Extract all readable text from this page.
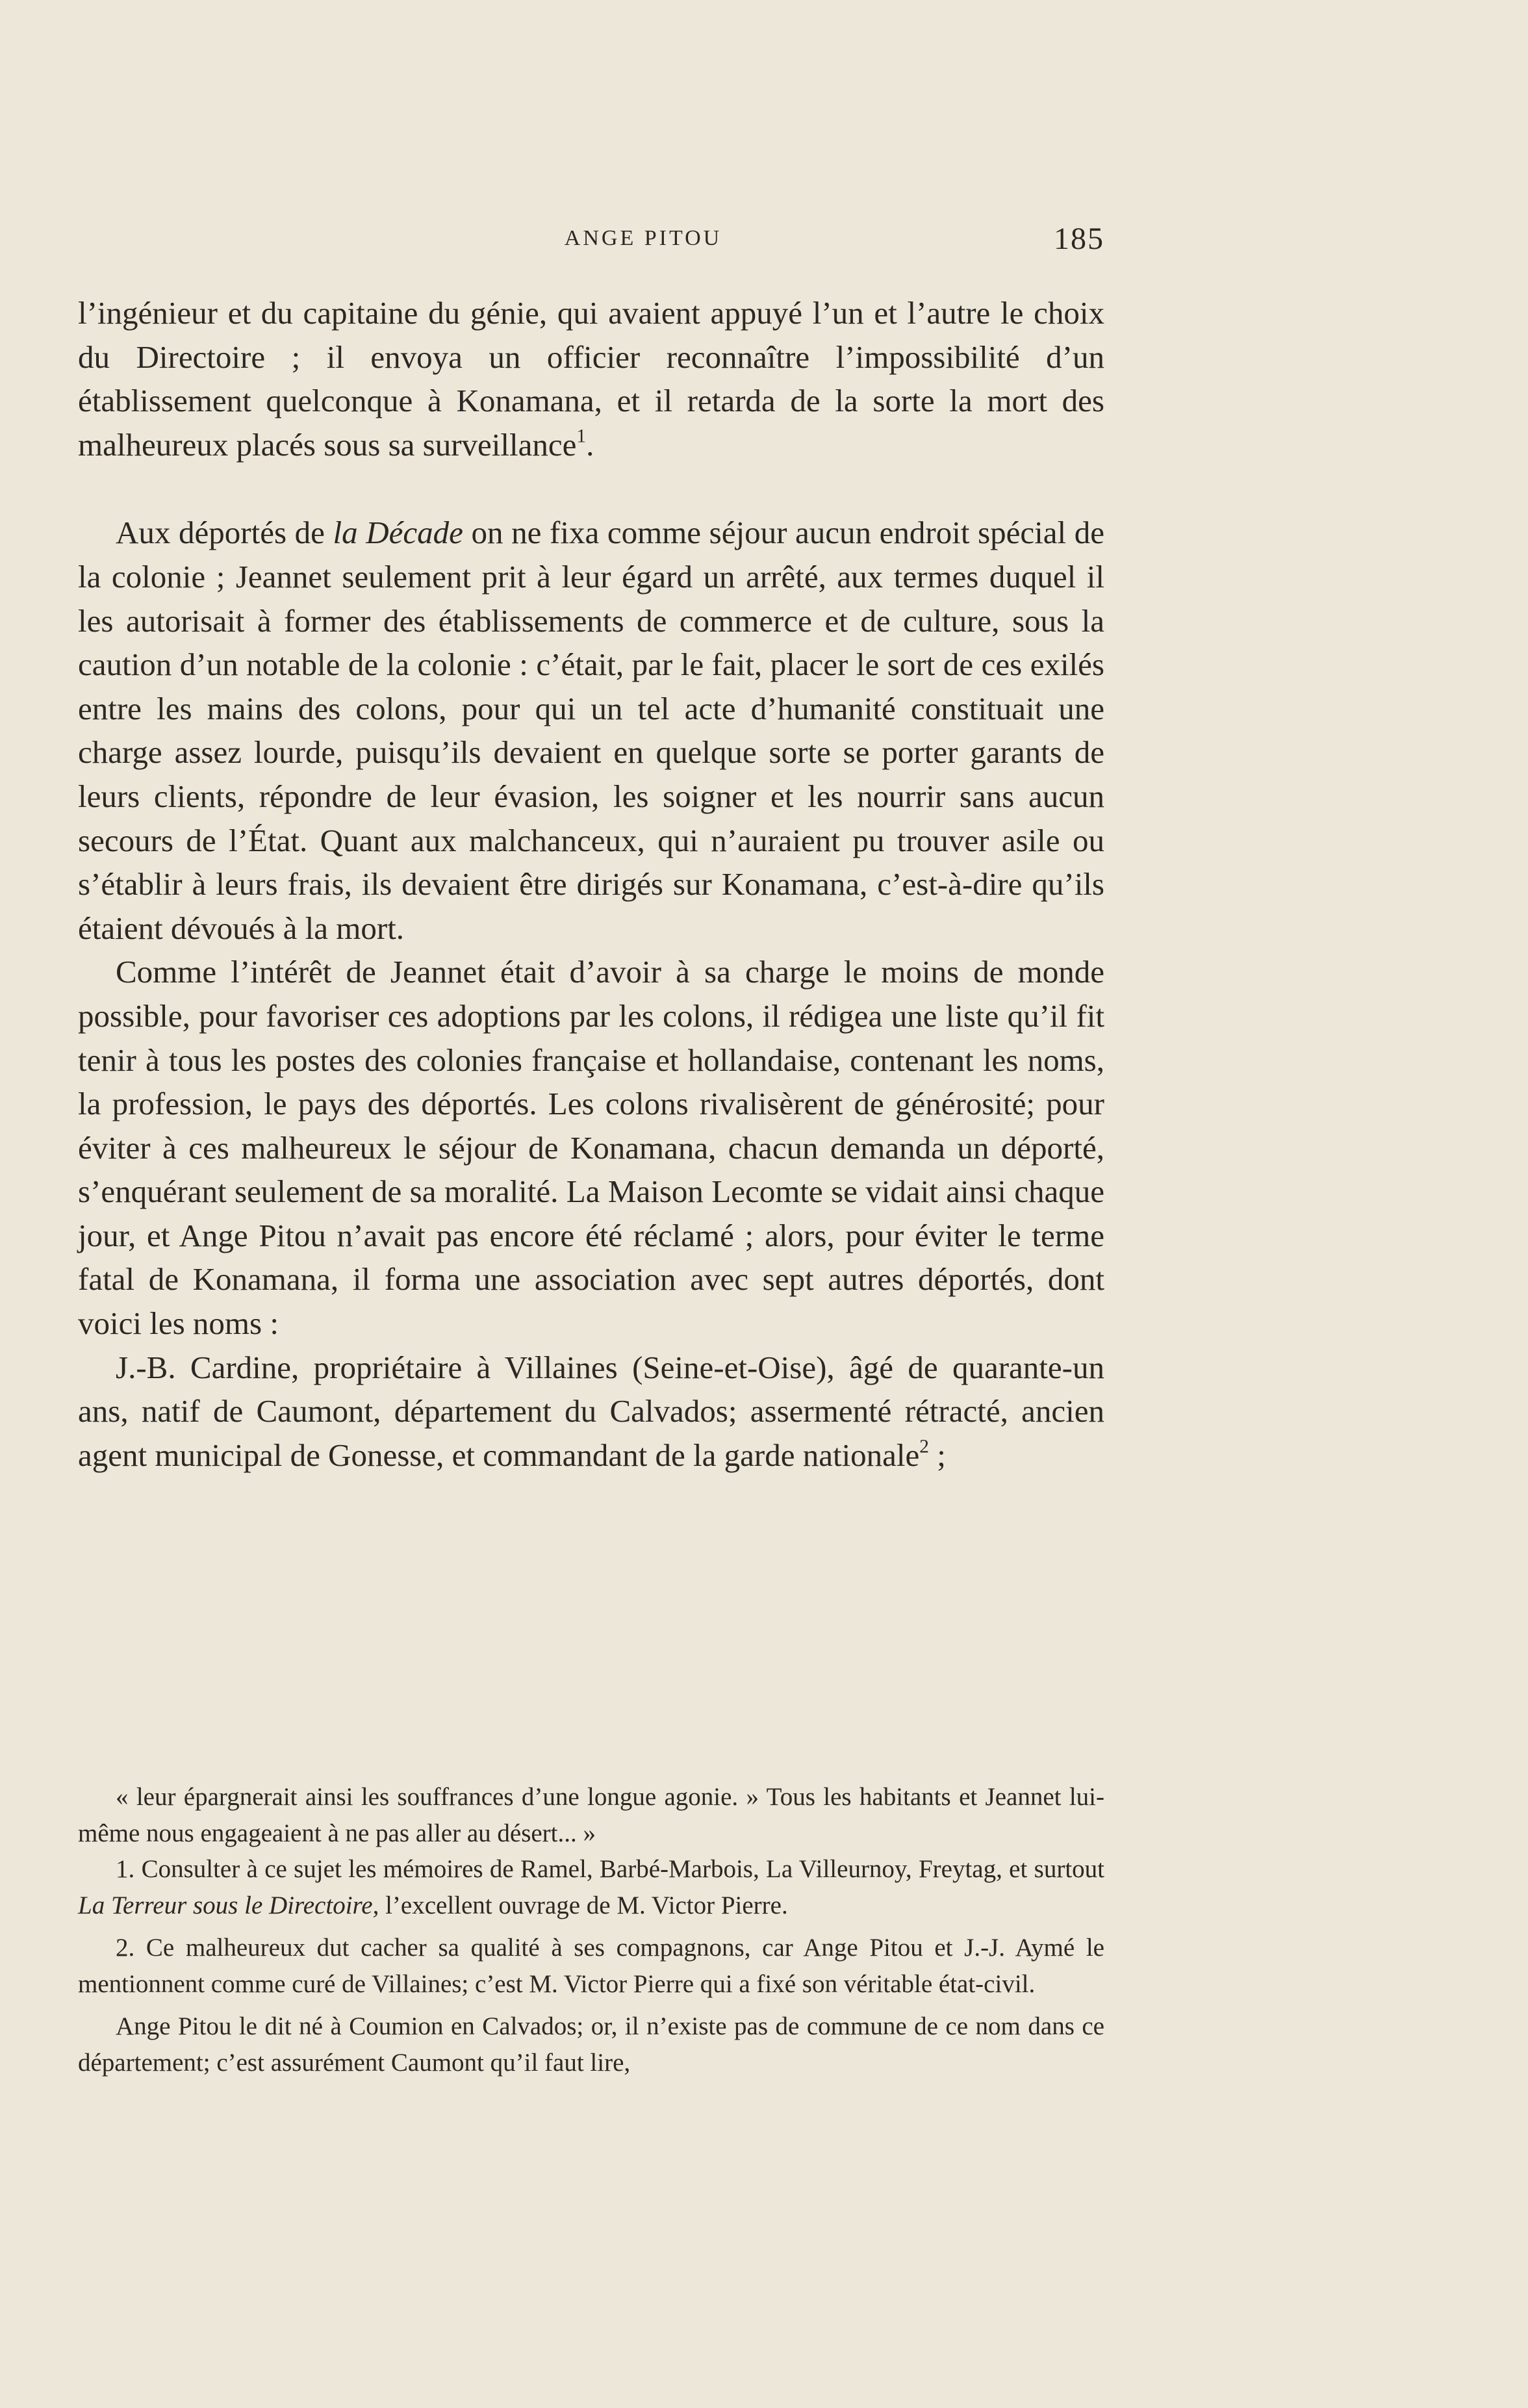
ANGE PITOU	185

l’ingénieur et du capitaine du génie, qui avaient appuyé l’un et l’autre le choix du Directoire ; il envoya un officier reconnaître l’impossibilité d’un établissement quelconque à Konamana, et il retarda de la sorte la mort des malheureux placés sous sa surveillance$^1$.

Aux déportés de la Décade on ne fixa comme séjour aucun endroit spécial de la colonie ; Jeannet seulement prit à leur égard un arrêté, aux termes duquel il les autorisait à former des établissements de commerce et de culture, sous la caution d’un notable de la colonie : c’était, par le fait, placer le sort de ces exilés entre les mains des colons, pour qui un tel acte d’humanité constituait une charge assez lourde, puisqu’ils devaient en quelque sorte se porter garants de leurs clients, répondre de leur évasion, les soigner et les nourrir sans aucun secours de l’État. Quant aux malchanceux, qui n’auraient pu trouver asile ou s’établir à leurs frais, ils devaient être dirigés sur Konamana, c’est-à-dire qu’ils étaient dévoués à la mort.

Comme l’intérêt de Jeannet était d’avoir à sa charge le moins de monde possible, pour favoriser ces adoptions par les colons, il rédigea une liste qu’il fit tenir à tous les postes des colonies française et hollandaise, contenant les noms, la profession, le pays des déportés. Les colons rivalisèrent de générosité; pour éviter à ces malheureux le séjour de Konamana, chacun demanda un déporté, s’enquérant seulement de sa moralité. La Maison Lecomte se vidait ainsi chaque jour, et Ange Pitou n’avait pas encore été réclamé ; alors, pour éviter le terme fatal de Konamana, il forma une association avec sept autres déportés, dont voici les noms :

J.-B. Cardine, propriétaire à Villaines (Seine-et-Oise), âgé de quarante-un ans, natif de Caumont, département du Calvados; assermenté rétracté, ancien agent municipal de Gonesse, et commandant de la garde nationale$^2$ ;

« leur épargnerait ainsi les souffrances d’une longue agonie. » Tous les habitants et Jeannet lui-même nous engageaient à ne pas aller au désert... »

1. Consulter à ce sujet les mémoires de Ramel, Barbé-Marbois, La Villeurnoy, Freytag, et surtout La Terreur sous le Directoire, l’excellent ouvrage de M. Victor Pierre.

2. Ce malheureux dut cacher sa qualité à ses compagnons, car Ange Pitou et J.-J. Aymé le mentionnent comme curé de Villaines; c’est M. Victor Pierre qui a fixé son véritable état-civil.

Ange Pitou le dit né à Coumion en Calvados; or, il n’existe pas de commune de ce nom dans ce département; c’est assurément Caumont qu’il faut lire,
